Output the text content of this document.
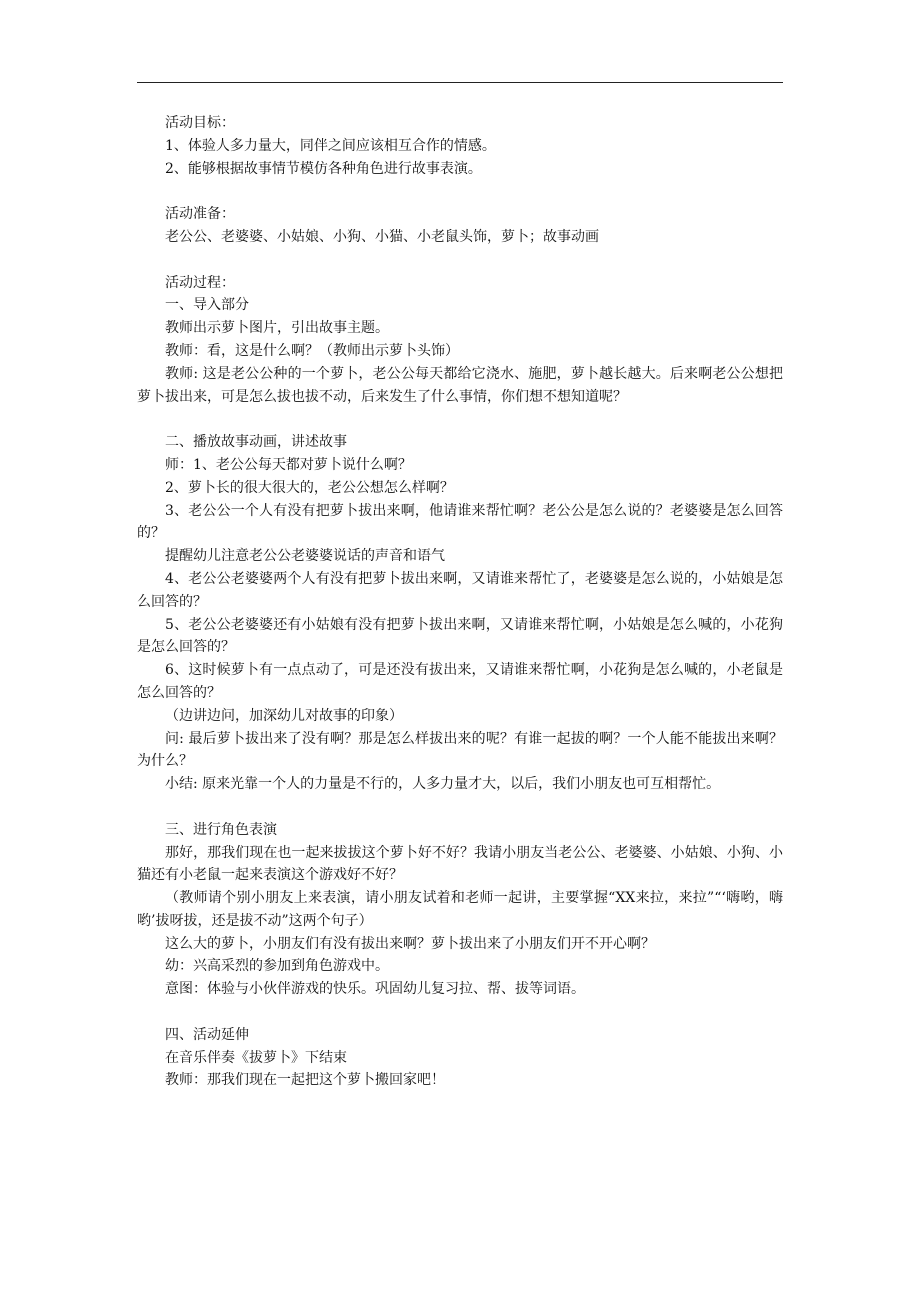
活动目标：

1、体验人多力量大，同伴之间应该相互合作的情感。

2、能够根据故事情节模仿各种角色进行故事表演。

活动准备：

老公公、老婆婆、小姑娘、小狗、小猫、小老鼠头饰，萝卜；故事动画

活动过程：

一、导入部分

教师出示萝卜图片，引出故事主题。

教师：看，这是什么啊？（教师出示萝卜头饰）

教师: 这是老公公种的一个萝卜，老公公每天都给它浇水、施肥，萝卜越长越大。后来啊老公公想把萝卜拔出来，可是怎么拔也拔不动，后来发生了什么事情，你们想不想知道呢？

二、播放故事动画，讲述故事

师：1、老公公每天都对萝卜说什么啊？

2、萝卜长的很大很大的，老公公想怎么样啊？

3、老公公一个人有没有把萝卜拔出来啊，他请谁来帮忙啊？老公公是怎么说的？老婆婆是怎么回答的？

提醒幼儿注意老公公老婆婆说话的声音和语气

4、老公公老婆婆两个人有没有把萝卜拔出来啊，又请谁来帮忙了，老婆婆是怎么说的，小姑娘是怎么回答的？

5、老公公老婆婆还有小姑娘有没有把萝卜拔出来啊，又请谁来帮忙啊，小姑娘是怎么喊的，小花狗是怎么回答的？

6、这时候萝卜有一点点动了，可是还没有拔出来，又请谁来帮忙啊，小花狗是怎么喊的，小老鼠是怎么回答的？

（边讲边问，加深幼儿对故事的印象）

问: 最后萝卜拔出来了没有啊？那是怎么样拔出来的呢？有谁一起拔的啊？一个人能不能拔出来啊？为什么？

小结: 原来光靠一个人的力量是不行的，人多力量才大，以后，我们小朋友也可互相帮忙。

三、进行角色表演

那好，那我们现在也一起来拔拔这个萝卜好不好？我请小朋友当老公公、老婆婆、小姑娘、小狗、小猫还有小老鼠一起来表演这个游戏好不好？

（教师请个别小朋友上来表演，请小朋友试着和老师一起讲，主要掌握“XX来拉，来拉”“‘嗨哟，嗨哟’拔呀拔，还是拔不动”这两个句子）

这么大的萝卜，小朋友们有没有拔出来啊？萝卜拔出来了小朋友们开不开心啊？

幼：兴高采烈的参加到角色游戏中。

意图：体验与小伙伴游戏的快乐。巩固幼儿复习拉、帮、拔等词语。

四、活动延伸

在音乐伴奏《拔萝卜》下结束

教师：那我们现在一起把这个萝卜搬回家吧！
